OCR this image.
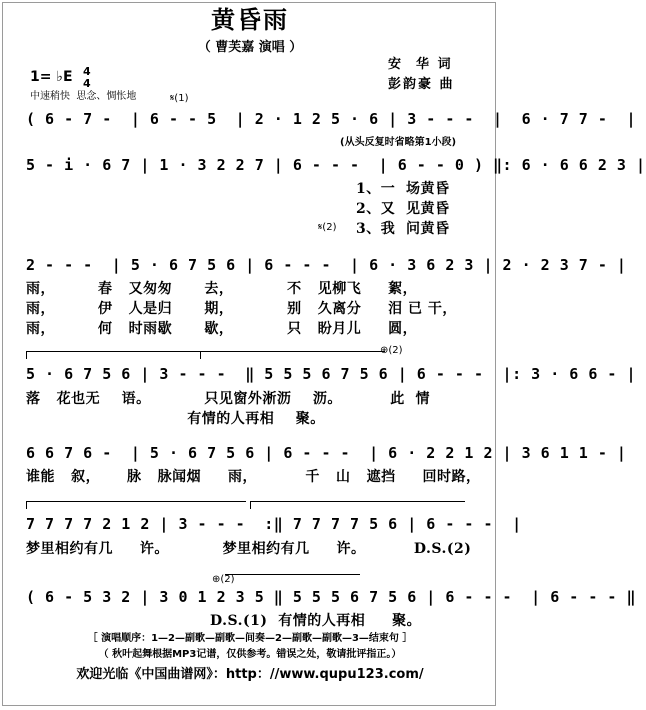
黄昏雨
（ 曹芙嘉 演唱 ）
安  华 词
彭韵豪 曲
1= ♭E 4
4
中速稍快  思念、惆怅地	𝄋(1)
( 6 - 7 -  | 6 - - 5  | 2 · 1 2 5 · 6 | 3 - - -  |  6 · 7 7 -  |
(从头反复时省略第1小段)
5 - i · 6 7 | 1 · 3 2 2 7 | 6 - - -  | 6 - - 0 ) ‖: 6 · 6 6 2 3 |
1、一  场黄昏
2、又  见黄昏
𝄋(2) 3、我  问黄昏
2 - - -  | 5 · 6 7 5 6 | 6 - - -  | 6 · 3 6 2 3 | 2 · 2 3 7 - |
雨，        春   又匆匆      去，          不   见柳飞     絮，
雨，        伊   人是归      期，          别   久离分     泪 已 干，
雨，        何   时雨歇      歇，          只   盼月儿     圆，
⊕(2)
5 · 6 7 5 6 | 3 - - -  ‖ 5 5 5 6 7 5 6 | 6 - - -  |: 3 · 6 6 - |
落   花也无    语。          只见窗外淅沥    沥。         此  情
有情的人再相    聚。
6 6 7 6 -  | 5 · 6 7 5 6 | 6 - - -  | 6 · 2 2 1 2 | 3 6 1 1 - |
谁能   叙，     脉   脉闻烟     雨，         千   山   遮挡     回时路，
7 7 7 7 2 1 2 | 3 - - -  :‖ 7 7 7 7 5 6 | 6 - - -  |
梦里相约有几     许。          梦里相约有几     许。         D.S.(2)
⊕(2)
( 6 - 5 3 2 | 3 0 1 2 3 5 ‖ 5 5 5 6 7 5 6 | 6 - - -  | 6 - - - ‖
D.S.(1)  有情的人再相     聚。
［ 演唱顺序：1—2—副歌—副歌—间奏—2—副歌—副歌—3—结束句 ］
（ 秋叶起舞根据MP3记谱，仅供参考。错误之处，敬请批评指正。）
欢迎光临《中国曲谱网》：http：//www.qupu123.com/
